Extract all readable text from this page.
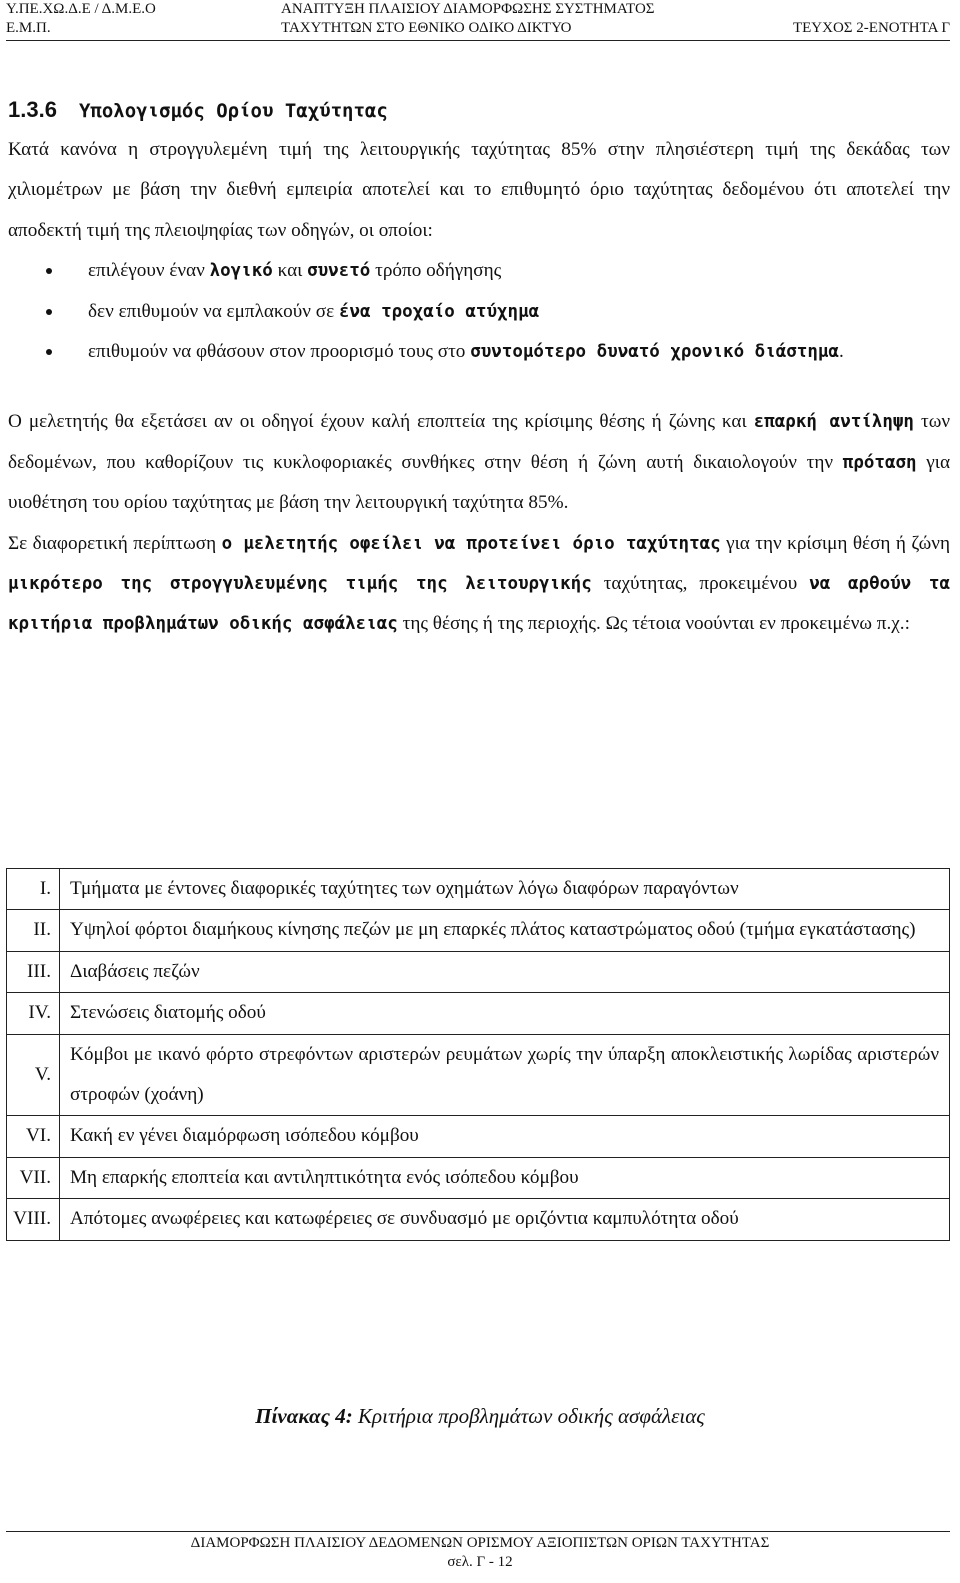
Υ.ΠΕ.ΧΩ.Δ.Ε / Δ.Μ.Ε.Ο
Ε.Μ.Π.
ΑΝΑΠΤΥΞΗ ΠΛΑΙΣΙΟΥ ΔΙΑΜΟΡΦΩΣΗΣ ΣΥΣΤΗΜΑΤΟΣ
ΤΑΧΥΤΗΤΩΝ ΣΤΟ ΕΘΝΙΚΟ ΟΔΙΚΟ ΔΙΚΤΥΟ
	ΤΕΥΧΟΣ 2-ΕΝΟΤΗΤΑ Γ
1.3.6 Υπολογισμός Ορίου Ταχύτητας

Κατά κανόνα η στρογγυλεμένη τιμή της λειτουργικής ταχύτητας 85% στην πλησιέστερη τιμή της δεκάδας των χιλιομέτρων με βάση την διεθνή εμπειρία αποτελεί και το επιθυμητό όριο ταχύτητας δεδομένου ότι αποτελεί την αποδεκτή τιμή της πλειοψηφίας των οδηγών, οι οποίοι:

επιλέγουν έναν λογικό και συνετό τρόπο οδήγησης
δεν επιθυμούν να εμπλακούν σε ένα τροχαίο ατύχημα
επιθυμούν να φθάσουν στον προορισμό τους στο συντομότερο δυνατό χρονικό διάστημα.

Ο μελετητής θα εξετάσει αν οι οδηγοί έχουν καλή εποπτεία της κρίσιμης θέσης ή ζώνης και επαρκή αντίληψη των δεδομένων, που καθορίζουν τις κυκλοφοριακές συνθήκες στην θέση ή ζώνη αυτή δικαιολογούν την πρόταση για υιοθέτηση του ορίου ταχύτητας με βάση την λειτουργική ταχύτητα 85%.

Σε διαφορετική περίπτωση ο μελετητής οφείλει να προτείνει όριο ταχύτητας για την κρίσιμη θέση ή ζώνη μικρότερο της στρογγυλευμένης τιμής της λειτουργικής ταχύτητας, προκειμένου να αρθούν τα κριτήρια προβλημάτων οδικής ασφάλειας της θέσης ή της περιοχής. Ως τέτοια νοούνται εν προκειμένω π.χ.:

I.	Τμήματα με έντονες διαφορικές ταχύτητες των οχημάτων λόγω διαφόρων παραγόντων
II.	Υψηλοί φόρτοι διαμήκους κίνησης πεζών με μη επαρκές πλάτος καταστρώματος οδού (τμήμα εγκατάστασης)
III.	Διαβάσεις πεζών
IV.	Στενώσεις διατομής οδού
V.	Κόμβοι με ικανό φόρτο στρεφόντων αριστερών ρευμάτων χωρίς την ύπαρξη αποκλειστικής λωρίδας αριστερών στροφών (χοάνη)
VI.	Κακή εν γένει διαμόρφωση ισόπεδου κόμβου
VII.	Μη επαρκής εποπτεία και αντιληπτικότητα ενός ισόπεδου κόμβου
VIII.	Απότομες ανωφέρειες και κατωφέρειες σε συνδυασμό με οριζόντια καμπυλότητα οδού
Πίνακας 4: Κριτήρια προβλημάτων οδικής ασφάλειας
ΔΙΑΜΟΡΦΩΣΗ ΠΛΑΙΣΙΟΥ ΔΕΔΟΜΕΝΩΝ ΟΡΙΣΜΟΥ ΑΞΙΟΠΙΣΤΩΝ ΟΡΙΩΝ ΤΑΧΥΤΗΤΑΣ
σελ. Γ - 12
